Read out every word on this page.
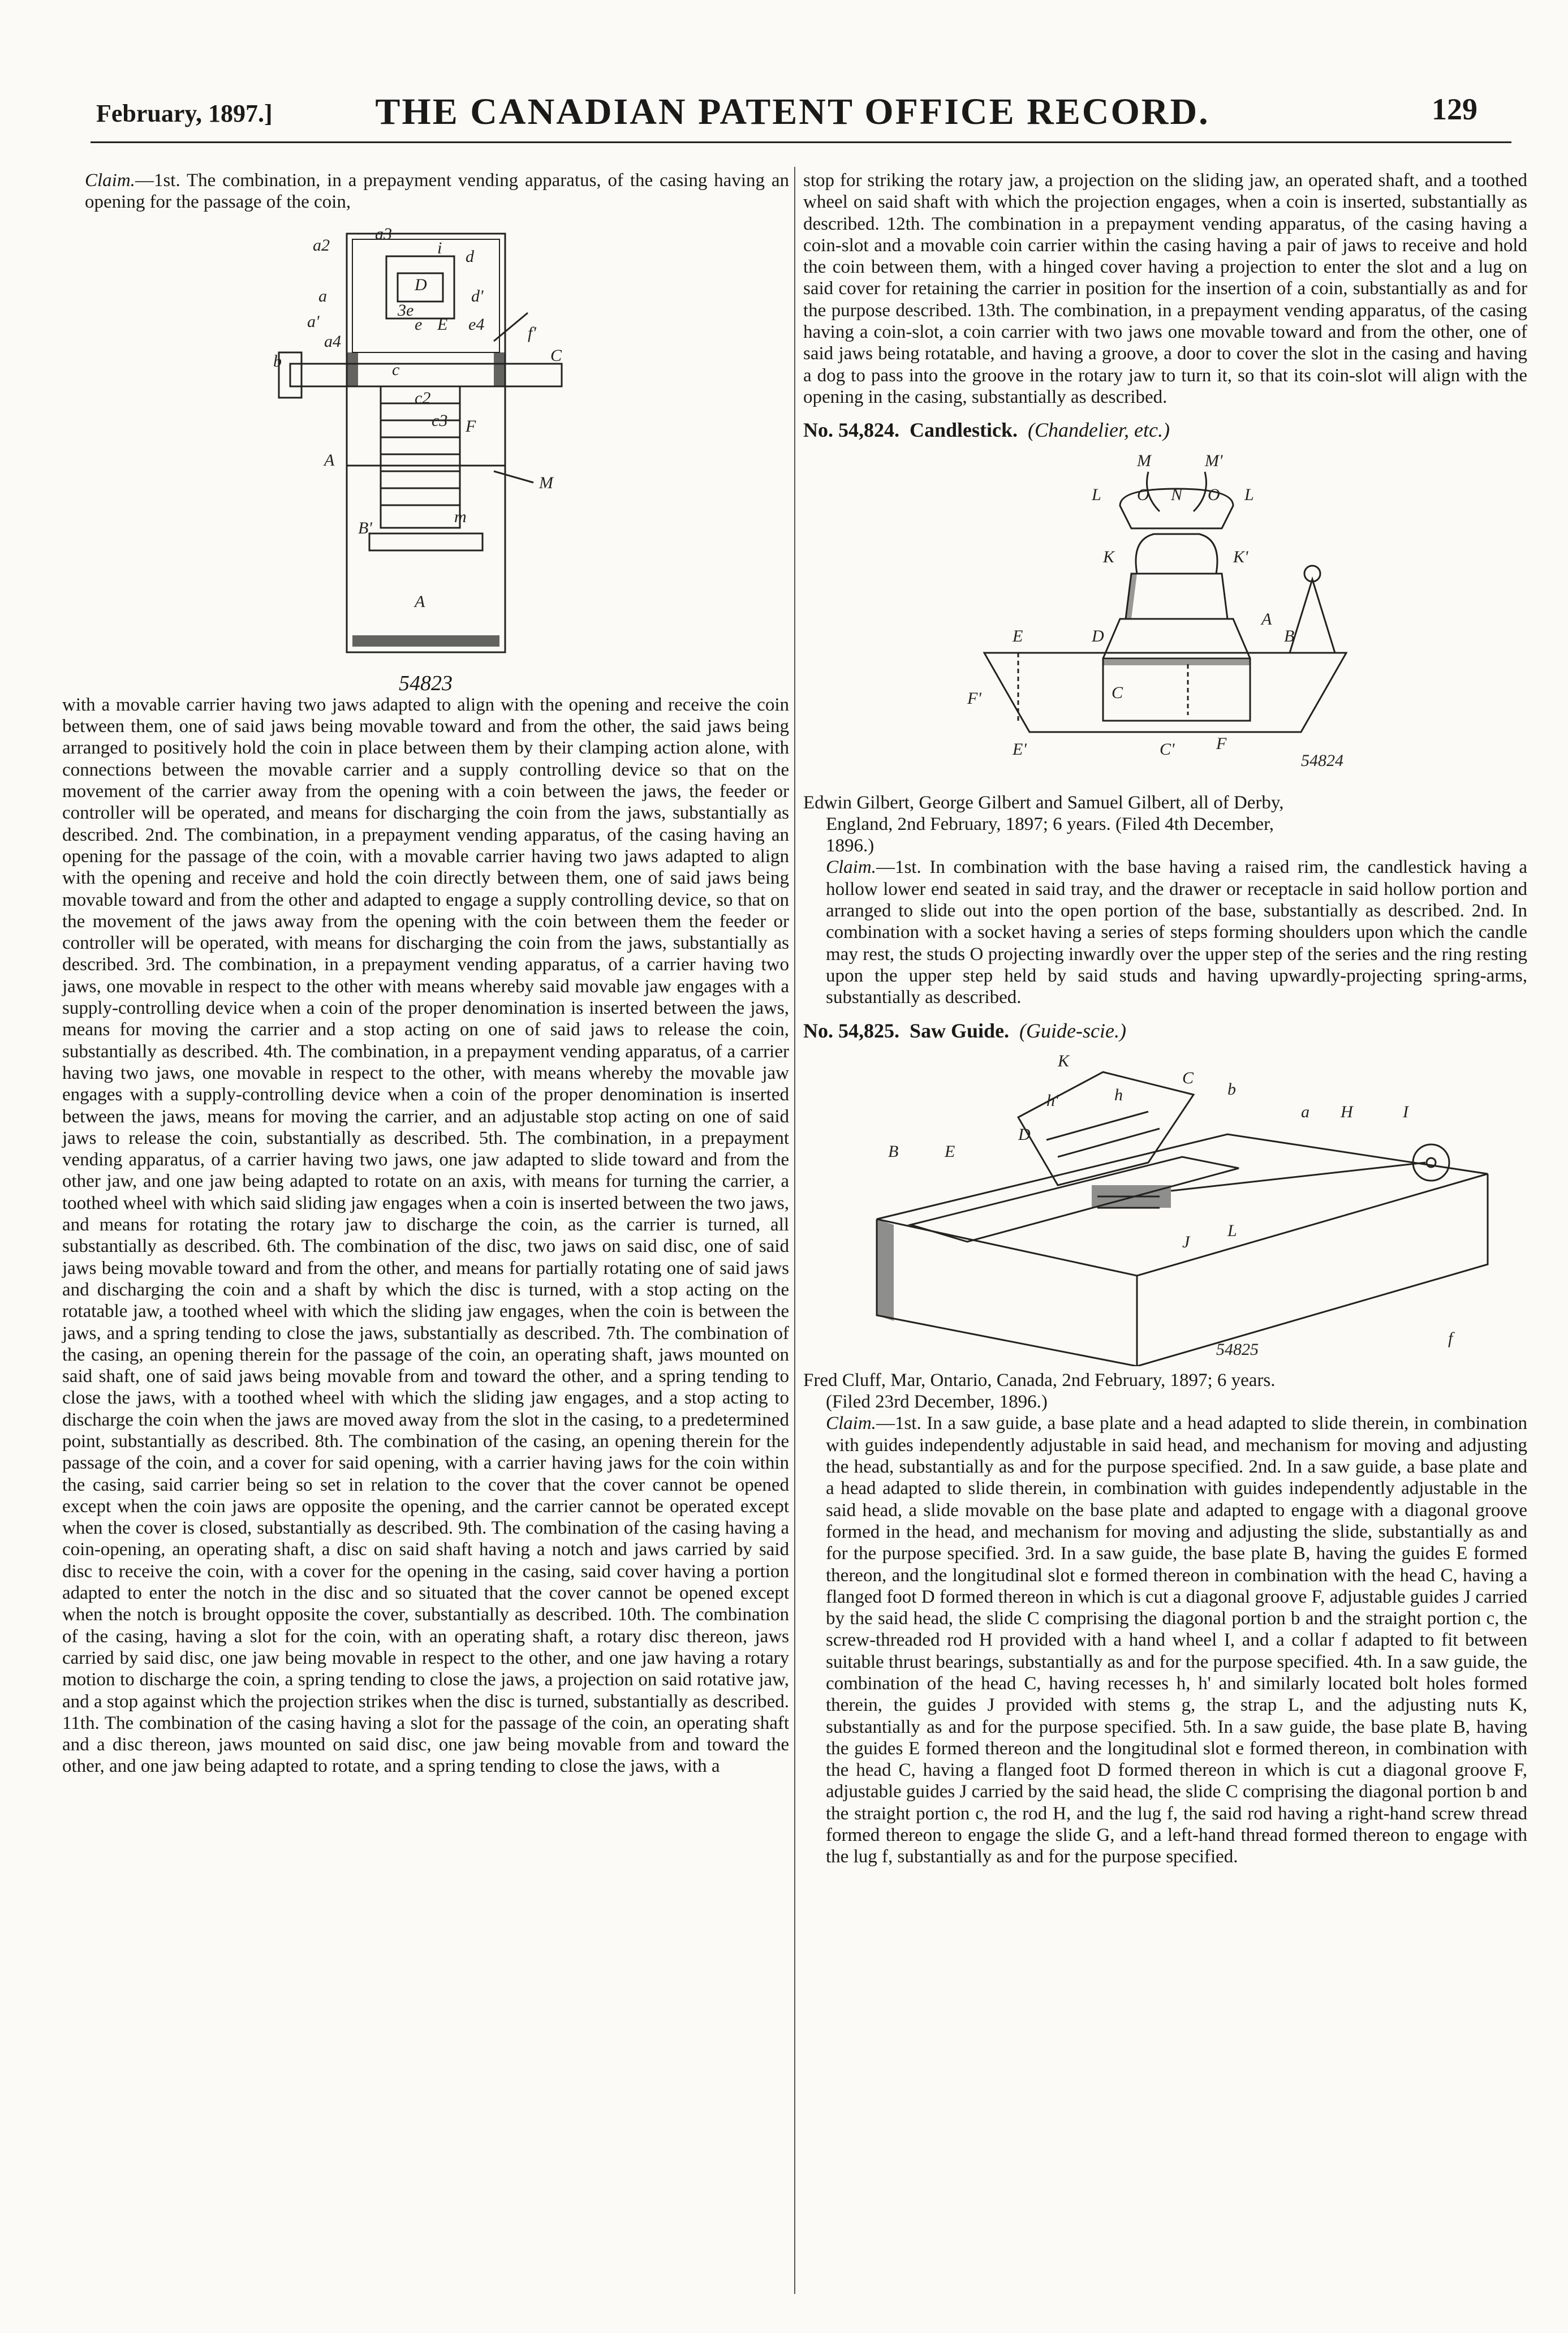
February, 1897.]	THE CANADIAN PATENT OFFICE RECORD.	129

Claim.—1st. The combination, in a prepayment vending apparatus, of the casing having an opening for the passage of the coin,

a2
a3
i d
D
a	d'
a'
3e
e E e4
a4
b	c
c2
f'
C
F
c3
A
M
m
B'
A
54823

with a movable carrier having two jaws adapted to align with the opening and receive the coin between them, one of said jaws being movable toward and from the other, the said jaws being arranged to positively hold the coin in place between them by their clamping action alone, with connections between the movable carrier and a supply controlling device so that on the movement of the carrier away from the opening with a coin between the jaws, the feeder or controller will be operated, and means for discharging the coin from the jaws, substantially as described. 2nd. The combination, in a prepayment vending apparatus, of the casing having an opening for the passage of the coin, with a movable carrier having two jaws adapted to align with the opening and receive and hold the coin directly between them, one of said jaws being movable toward and from the other and adapted to engage a supply controlling device, so that on the movement of the jaws away from the opening with the coin between them the feeder or controller will be operated, with means for discharging the coin from the jaws, substantially as described. 3rd. The combination, in a prepayment vending apparatus, of a carrier having two jaws, one movable in respect to the other with means whereby said movable jaw engages with a supply-controlling device when a coin of the proper denomination is inserted between the jaws, means for moving the carrier and a stop acting on one of said jaws to release the coin, substantially as described. 4th. The combination, in a prepayment vending apparatus, of a carrier having two jaws, one movable in respect to the other, with means whereby the movable jaw engages with a supply-controlling device when a coin of the proper denomination is inserted between the jaws, means for moving the carrier, and an adjustable stop acting on one of said jaws to release the coin, substantially as described. 5th. The combination, in a prepayment vending apparatus, of a carrier having two jaws, one jaw adapted to slide toward and from the other jaw, and one jaw being adapted to rotate on an axis, with means for turning the carrier, a toothed wheel with which said sliding jaw engages when a coin is inserted between the two jaws, and means for rotating the rotary jaw to discharge the coin, as the carrier is turned, all substantially as described. 6th. The combination of the disc, two jaws on said disc, one of said jaws being movable toward and from the other, and means for partially rotating one of said jaws and discharging the coin and a shaft by which the disc is turned, with a stop acting on the rotatable jaw, a toothed wheel with which the sliding jaw engages, when the coin is between the jaws, and a spring tending to close the jaws, substantially as described. 7th. The combination of the casing, an opening therein for the passage of the coin, an operating shaft, jaws mounted on said shaft, one of said jaws being movable from and toward the other, and a spring tending to close the jaws, with a toothed wheel with which the sliding jaw engages, and a stop acting to discharge the coin when the jaws are moved away from the slot in the casing, to a predetermined point, substantially as described. 8th. The combination of the casing, an opening therein for the passage of the coin, and a cover for said opening, with a carrier having jaws for the coin within the casing, said carrier being so set in relation to the cover that the cover cannot be opened except when the coin jaws are opposite the opening, and the carrier cannot be operated except when the cover is closed, substantially as described. 9th. The combination of the casing having a coin-opening, an operating shaft, a disc on said shaft having a notch and jaws carried by said disc to receive the coin, with a cover for the opening in the casing, said cover having a portion adapted to enter the notch in the disc and so situated that the cover cannot be opened except when the notch is brought opposite the cover, substantially as described. 10th. The combination of the casing, having a slot for the coin, with an operating shaft, a rotary disc thereon, jaws carried by said disc, one jaw being movable in respect to the other, and one jaw having a rotary motion to discharge the coin, a spring tending to close the jaws, a projection on said rotative jaw, and a stop against which the projection strikes when the disc is turned, substantially as described. 11th. The combination of the casing having a slot for the passage of the coin, an operating shaft and a disc thereon, jaws mounted on said disc, one jaw being movable from and toward the other, and one jaw being adapted to rotate, and a spring tending to close the jaws, with a

stop for striking the rotary jaw, a projection on the sliding jaw, an operated shaft, and a toothed wheel on said shaft with which the projection engages, when a coin is inserted, substantially as described. 12th. The combination in a prepayment vending apparatus, of the casing having a coin-slot and a movable coin carrier within the casing having a pair of jaws to receive and hold the coin between them, with a hinged cover having a projection to enter the slot and a lug on said cover for retaining the carrier in position for the insertion of a coin, substantially as and for the purpose described. 13th. The combination, in a prepayment vending apparatus, of the casing having a coin-slot, a coin carrier with two jaws one movable toward and from the other, one of said jaws being rotatable, and having a groove, a door to cover the slot in the casing and having a dog to pass into the groove in the rotary jaw to turn it, so that its coin-slot will align with the opening in the casing, substantially as described.

No. 54,824. Candlestick. (Chandelier, etc.)
M	M'
L O N O L
K	K'
E	D
A
B
C
F'
E'	C' F
54824

Edwin Gilbert, George Gilbert and Samuel Gilbert, all of Derby,
England, 2nd February, 1897; 6 years. (Filed 4th December,
1896.)

Claim.—1st. In combination with the base having a raised rim, the candlestick having a hollow lower end seated in said tray, and the drawer or receptacle in said hollow portion and arranged to slide out into the open portion of the base, substantially as described. 2nd. In combination with a socket having a series of steps forming shoulders upon which the candle may rest, the studs O projecting inwardly over the upper step of the series and the ring resting upon the upper step held by said studs and having upwardly-projecting spring-arms, substantially as described.

No. 54,825. Saw Guide. (Guide-scie.)
K
C
b
h'	h
E
B
D
a H	I
L
J
f
54825

Fred Cluff, Mar, Ontario, Canada, 2nd February, 1897; 6 years.
(Filed 23rd December, 1896.)

Claim.—1st. In a saw guide, a base plate and a head adapted to slide therein, in combination with guides independently adjustable in said head, and mechanism for moving and adjusting the head, substantially as and for the purpose specified. 2nd. In a saw guide, a base plate and a head adapted to slide therein, in combination with guides independently adjustable in the said head, a slide movable on the base plate and adapted to engage with a diagonal groove formed in the head, and mechanism for moving and adjusting the slide, substantially as and for the purpose specified. 3rd. In a saw guide, the base plate B, having the guides E formed thereon, and the longitudinal slot e formed thereon in combination with the head C, having a flanged foot D formed thereon in which is cut a diagonal groove F, adjustable guides J carried by the said head, the slide C comprising the diagonal portion b and the straight portion c, the screw-threaded rod H provided with a hand wheel I, and a collar f adapted to fit between suitable thrust bearings, substantially as and for the purpose specified. 4th. In a saw guide, the combination of the head C, having recesses h, h' and similarly located bolt holes formed therein, the guides J provided with stems g, the strap L, and the adjusting nuts K, substantially as and for the purpose specified. 5th. In a saw guide, the base plate B, having the guides E formed thereon and the longitudinal slot e formed thereon, in combination with the head C, having a flanged foot D formed thereon in which is cut a diagonal groove F, adjustable guides J carried by the said head, the slide C comprising the diagonal portion b and the straight portion c, the rod H, and the lug f, the said rod having a right-hand screw thread formed thereon to engage the slide G, and a left-hand thread formed thereon to engage with the lug f, substantially as and for the purpose specified.
